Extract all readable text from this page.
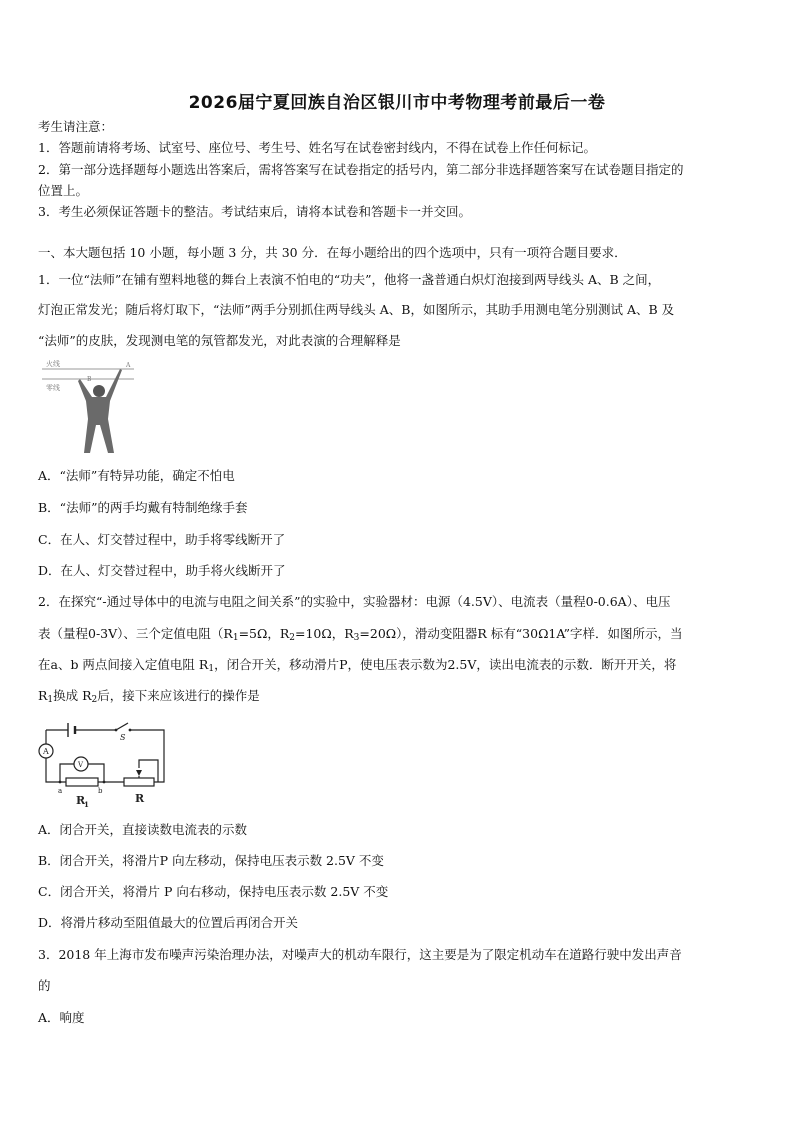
2026届宁夏回族自治区银川市中考物理考前最后一卷
考生请注意：
1．答题前请将考场、试室号、座位号、考生号、姓名写在试卷密封线内，不得在试卷上作任何标记。
2．第一部分选择题每小题选出答案后，需将答案写在试卷指定的括号内，第二部分非选择题答案写在试卷题目指定的
位置上。
3．考生必须保证答题卡的整洁。考试结束后，请将本试卷和答题卡一并交回。
一、本大题包括 10 小题，每小题 3 分，共 30 分．在每小题给出的四个选项中，只有一项符合题目要求．
1．一位“法师”在铺有塑料地毯的舞台上表演不怕电的“功夫”，他将一盏普通白炽灯泡接到两导线头 A、B 之间，
灯泡正常发光；随后将灯取下，“法师”两手分别抓住两导线头 A、B，如图所示，其助手用测电笔分别测试 A、B 及
“法师”的皮肤，发现测电笔的氖管都发光，对此表演的合理解释是
火线
零线
A
B
A．“法师”有特异功能，确定不怕电
B．“法师”的两手均戴有特制绝缘手套
C．在人、灯交替过程中，助手将零线断开了
D．在人、灯交替过程中，助手将火线断开了
2．在探究“-通过导体中的电流与电阻之间关系”的实验中，实验器材：电源（4.5V）、电流表（量程0-0.6A）、电压
表（量程0-3V）、三个定值电阻（$R_1=5\Omega$，$R_2=10\Omega$，$R_3=20\Omega$），滑动变阻器R 标有“30Ω1A”字样．如图所示，当
在a、b 两点间接入定值电阻 $R_1$，闭合开关，移动滑片P，使电压表示数为2.5V，读出电流表的示数．断开开关，将
$R_1$换成 $R_2$后，接下来应该进行的操作是
S
A
V
a	b
R
1	R
A．闭合开关，直接读数电流表的示数
B．闭合开关，将滑片P 向左移动，保持电压表示数 2.5V 不变
C．闭合开关，将滑片 P 向右移动，保持电压表示数 2.5V 不变
D．将滑片移动至阻值最大的位置后再闭合开关
3．2018 年上海市发布噪声污染治理办法，对噪声大的机动车限行，这主要是为了限定机动车在道路行驶中发出声音
的
A．响度
